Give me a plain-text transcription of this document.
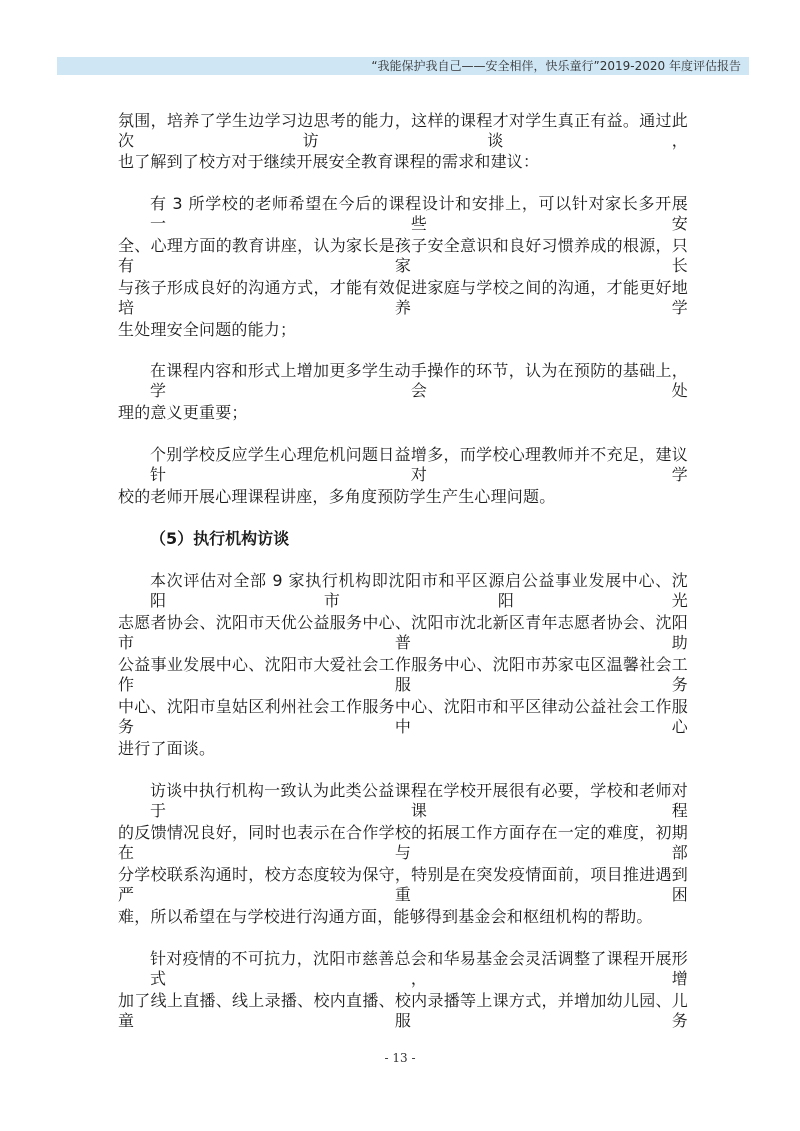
“我能保护我自己——安全相伴，快乐童行”2019-2020 年度评估报告
氛围，培养了学生边学习边思考的能力，这样的课程才对学生真正有益。通过此次访谈，
也了解到了校方对于继续开展安全教育课程的需求和建议：
有 3 所学校的老师希望在今后的课程设计和安排上，可以针对家长多开展一些安
全、心理方面的教育讲座，认为家长是孩子安全意识和良好习惯养成的根源，只有家长
与孩子形成良好的沟通方式，才能有效促进家庭与学校之间的沟通，才能更好地培养学
生处理安全问题的能力；
在课程内容和形式上增加更多学生动手操作的环节，认为在预防的基础上，学会处
理的意义更重要；
个别学校反应学生心理危机问题日益增多，而学校心理教师并不充足，建议针对学
校的老师开展心理课程讲座，多角度预防学生产生心理问题。
（5）执行机构访谈
本次评估对全部 9 家执行机构即沈阳市和平区源启公益事业发展中心、沈阳市阳光
志愿者协会、沈阳市天优公益服务中心、沈阳市沈北新区青年志愿者协会、沈阳市普助
公益事业发展中心、沈阳市大爱社会工作服务中心、沈阳市苏家屯区温馨社会工作服务
中心、沈阳市皇姑区利州社会工作服务中心、沈阳市和平区律动公益社会工作服务中心
进行了面谈。
访谈中执行机构一致认为此类公益课程在学校开展很有必要，学校和老师对于课程
的反馈情况良好，同时也表示在合作学校的拓展工作方面存在一定的难度，初期在与部
分学校联系沟通时，校方态度较为保守，特别是在突发疫情面前，项目推进遇到严重困
难，所以希望在与学校进行沟通方面，能够得到基金会和枢纽机构的帮助。
针对疫情的不可抗力，沈阳市慈善总会和华易基金会灵活调整了课程开展形式，增
加了线上直播、线上录播、校内直播、校内录播等上课方式，并增加幼儿园、儿童服务
- 13 -
